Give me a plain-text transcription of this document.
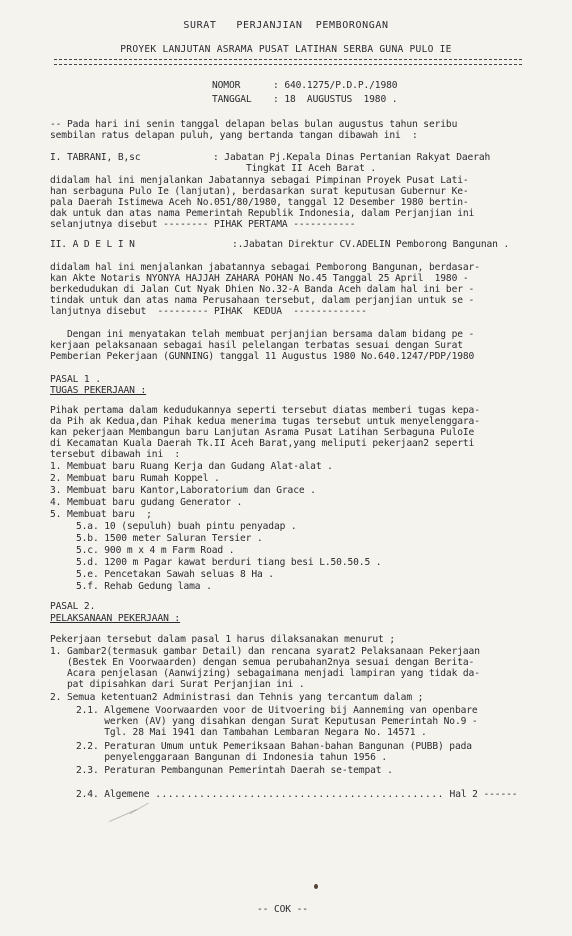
SURAT   PERJANJIAN  PEMBORONGAN
PROYEK LANJUTAN ASRAMA PUSAT LATIHAN SERBA GUNA PULO IE
NOMOR	: 640.1275/P.D.P./1980
TANGGAL : 18  AUGUSTUS  1980 .
-- Pada hari ini senin tanggal delapan belas bulan augustus tahun seribu
sembilan ratus delapan puluh, yang bertanda tangan dibawah ini  :
I. TABRANI, B,sc	: Jabatan Pj.Kepala Dinas Pertanian Rakyat Daerah
Tingkat II Aceh Barat .
didalam hal ini menjalankan Jabatannya sebagai Pimpinan Proyek Pusat Lati-
han serbaguna Pulo Ie (lanjutan), berdasarkan surat keputusan Gubernur Ke-
pala Daerah Istimewa Aceh No.051/80/1980, tanggal 12 Desember 1980 bertin-
dak untuk dan atas nama Pemerintah Republik Indonesia, dalam Perjanjian ini
selanjutnya disebut -------- PIHAK PERTAMA -----------
II. A D E L I N	:.Jabatan Direktur CV.ADELIN Pemborong Bangunan .
didalam hal ini menjalankan jabatannya sebagai Pemborong Bangunan, berdasar-
kan Akte Notaris NYONYA HAJJAH ZAHARA POHAN No.45 Tanggal 25 April  1980 -
berkedudukan di Jalan Cut Nyak Dhien No.32-A Banda Aceh dalam hal ini ber -
tindak untuk dan atas nama Perusahaan tersebut, dalam perjanjian untuk se -
lanjutnya disebut  --------- PIHAK  KEDUA  -------------
Dengan ini menyatakan telah membuat perjanjian bersama dalam bidang pe -
kerjaan pelaksanaan sebagai hasil pelelangan terbatas sesuai dengan Surat
Pemberian Pekerjaan (GUNNING) tanggal 11 Augustus 1980 No.640.1247/PDP/1980
PASAL 1 .
TUGAS PEKERJAAN :
Pihak pertama dalam kedudukannya seperti tersebut diatas memberi tugas kepa-
da Pih ak Kedua,dan Pihak kedua menerima tugas tersebut untuk menyelenggara-
kan pekerjaan Membangun baru Lanjutan Asrama Pusat Latihan Serbaguna PuloIe
di Kecamatan Kuala Daerah Tk.II Aceh Barat,yang meliputi pekerjaan2 seperti
tersebut dibawah ini  :
1. Membuat baru Ruang Kerja dan Gudang Alat-alat .
2. Membuat baru Rumah Koppel .
3. Membuat baru Kantor,Laboratorium dan Grace .
4. Membuat baru gudang Generator .
5. Membuat baru  ;
5.a. 10 (sepuluh) buah pintu penyadap .
5.b. 1500 meter Saluran Tersier .
5.c. 900 m x 4 m Farm Road .
5.d. 1200 m Pagar kawat berduri tiang besi L.50.50.5 .
5.e. Pencetakan Sawah seluas 8 Ha .
5.f. Rehab Gedung lama .
PASAL 2.
PELAKSANAAN PEKERJAAN :
Pekerjaan tersebut dalam pasal 1 harus dilaksanakan menurut ;
1. Gambar2(termasuk gambar Detail) dan rencana syarat2 Pelaksanaan Pekerjaan
(Bestek En Voorwaarden) dengan semua perubahan2nya sesuai dengan Berita-
Acara penjelasan (Aanwijzing) sebagaimana menjadi lampiran yang tidak da-
pat dipisahkan dari Surat Perjanjian ini .
2. Semua ketentuan2 Administrasi dan Tehnis yang tercantum dalam ;
2.1. Algemene Voorwaarden voor de Uitvoering bij Aanneming van openbare
werken (AV) yang disahkan dengan Surat Keputusan Pemerintah No.9 -
Tgl. 28 Mai 1941 dan Tambahan Lembaran Negara No. 14571 .
2.2. Peraturan Umum untuk Pemeriksaan Bahan-bahan Bangunan (PUBB) pada
penyelenggaraan Bangunan di Indonesia tahun 1956 .
2.3. Peraturan Pembangunan Pemerintah Daerah se-tempat .
2.4. Algemene .............................................. Hal 2 ------
-- COK --
